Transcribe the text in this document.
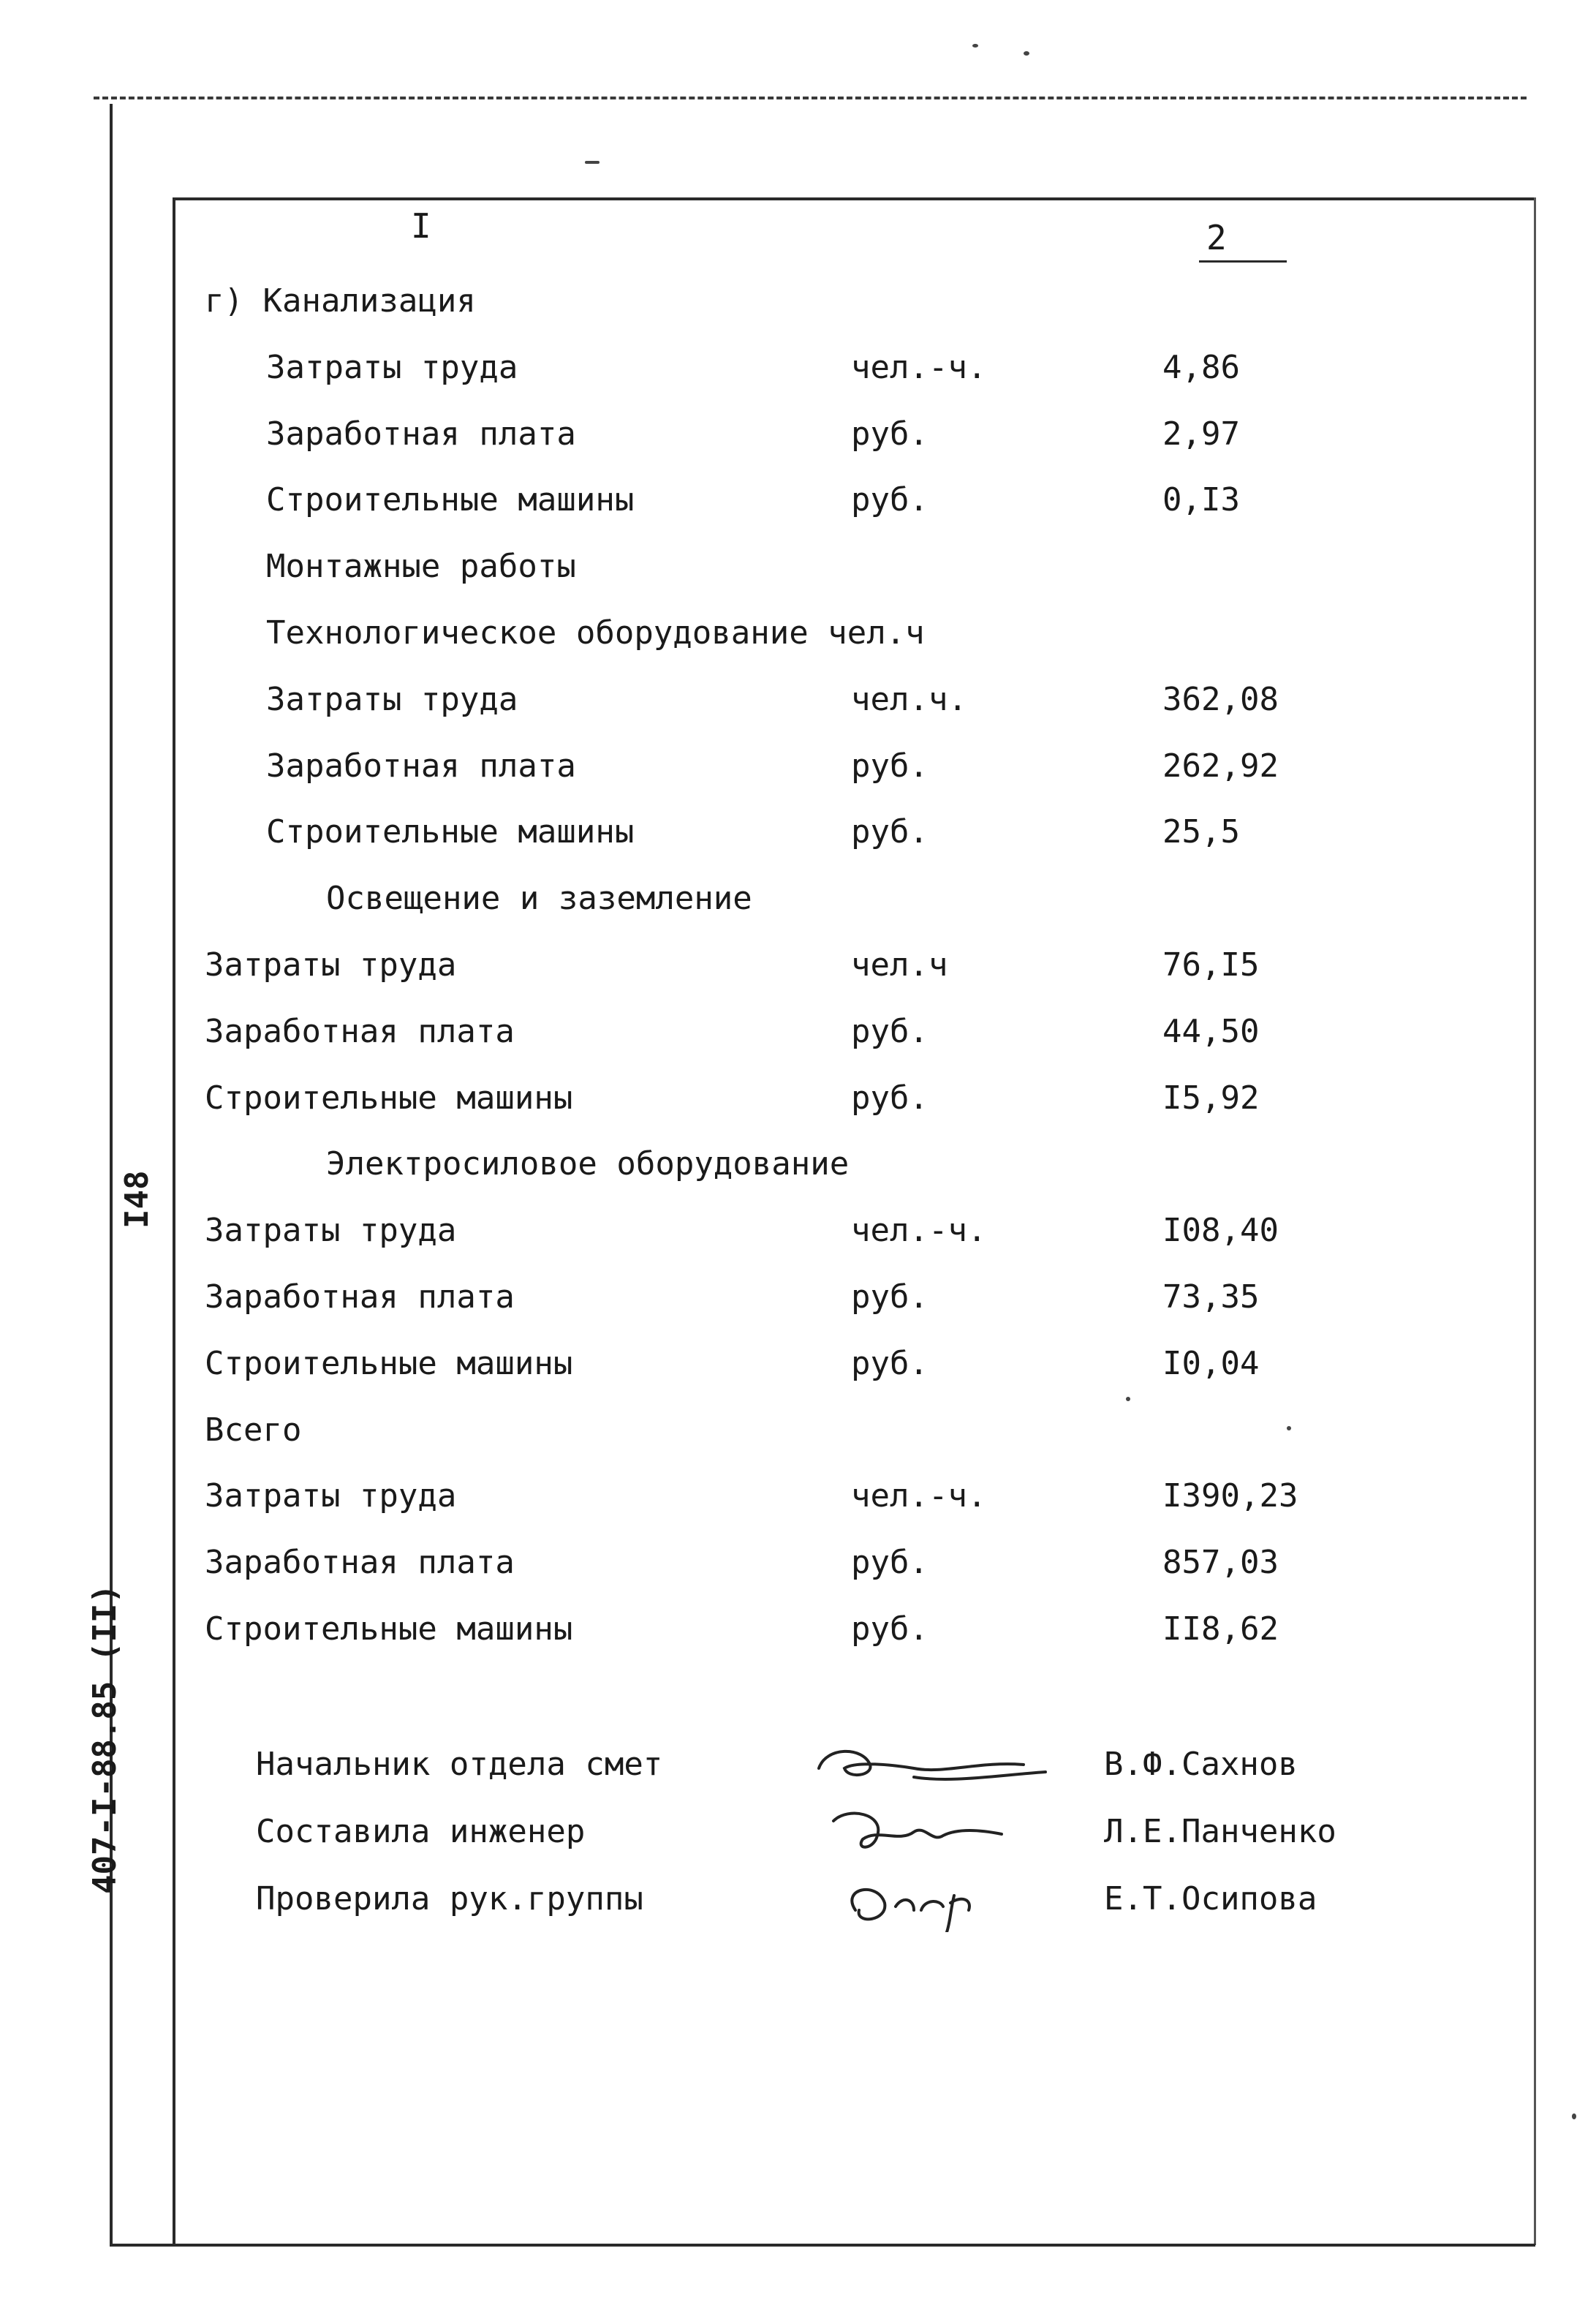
I	2
г) Канализация
Затраты труда	чел.-ч.	4,86
Заработная плата	руб.	2,97
Строительные машины	руб.	0,I3
Монтажные работы
Технологическое оборудование чел.ч
Затраты труда	чел.ч.	362,08
Заработная плата	руб.	262,92
Строительные машины	руб.	25,5
Освещение и заземление
Затраты труда	чел.ч	76,I5
Заработная плата	руб.	44,50
Строительные машины	руб.	I5,92
Электросиловое оборудование
Затраты труда	чел.-ч.	I08,40
Заработная плата	руб.	73,35
Строительные машины	руб.	I0,04
Всего
Затраты труда	чел.-ч.	I390,23
Заработная плата	руб.	857,03
Строительные машины	руб.	II8,62
I48
407-I-88.85 (II)	Начальник отдела смет	В.Ф.Сахнов
Составила инженер	Л.Е.Панченко
Проверила рук.группы	Е.Т.Осипова
